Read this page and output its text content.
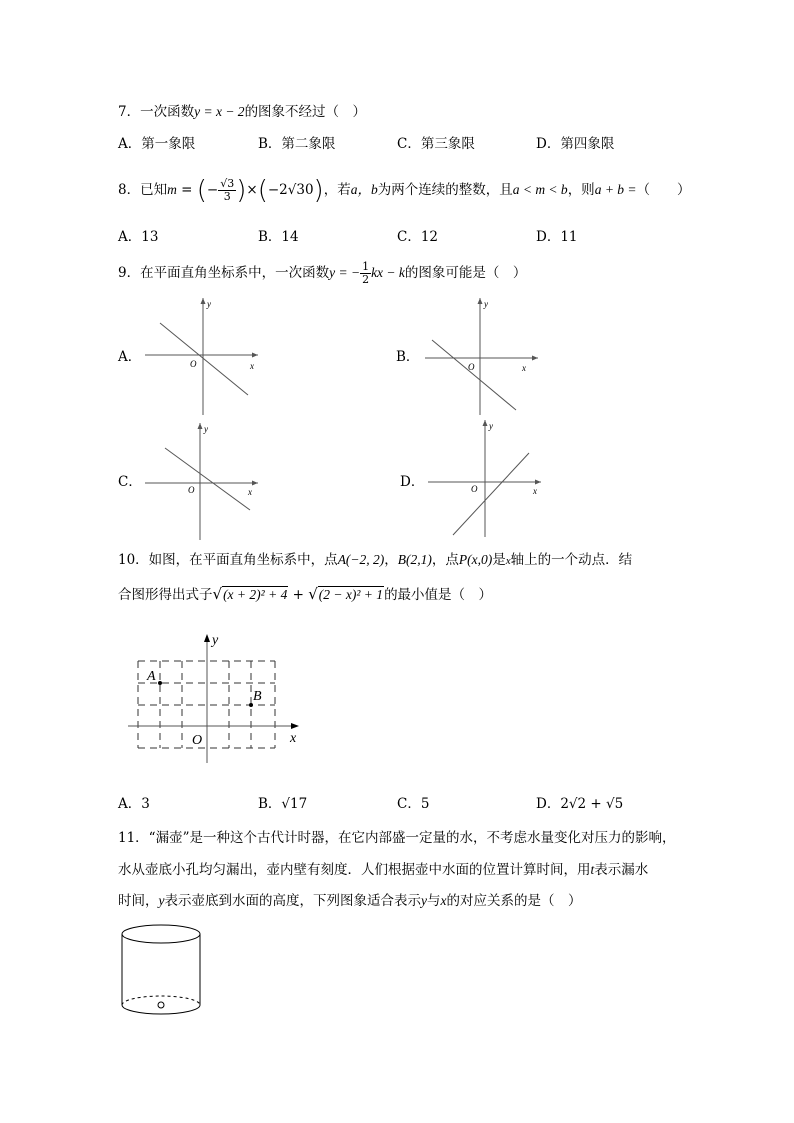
7．一次函数y = x − 2的图象不经过（　）
A．第一象限	B．第二象限	C．第三象限	D．第四象限
8．已知m = (− $\frac{√3}{3} )\times(-2√30)$，若a，b为两个连续的整数，且a < m < b，则a + b =（　　）
A．13	B．14	C．12	D．11
9．在平面直角坐标系中，一次函数y = − $\frac{1}{2}$ kx − k的图象可能是（　）
A．	B．
C．	D．
y
x
O
y
x
O
y
x
O
y
x
O
10．如图，在平面直角坐标系中，点A(−2, 2)，B(2,1)，点P(x,0)是x轴上的一个动点．结
合图形得出式子√(x + 2)² + 4 + √(2 − x)² + 1的最小值是（　）
A
B
O	x
y
A．3	B．√17	C．5	D．2√2 + √5
11．“漏壶”是一种这个古代计时器，在它内部盛一定量的水，不考虑水量变化对压力的影响，
水从壶底小孔均匀漏出，壶内壁有刻度．人们根据壶中水面的位置计算时间，用t表示漏水
时间，y表示壶底到水面的高度，下列图象适合表示y与x的对应关系的是（　）
